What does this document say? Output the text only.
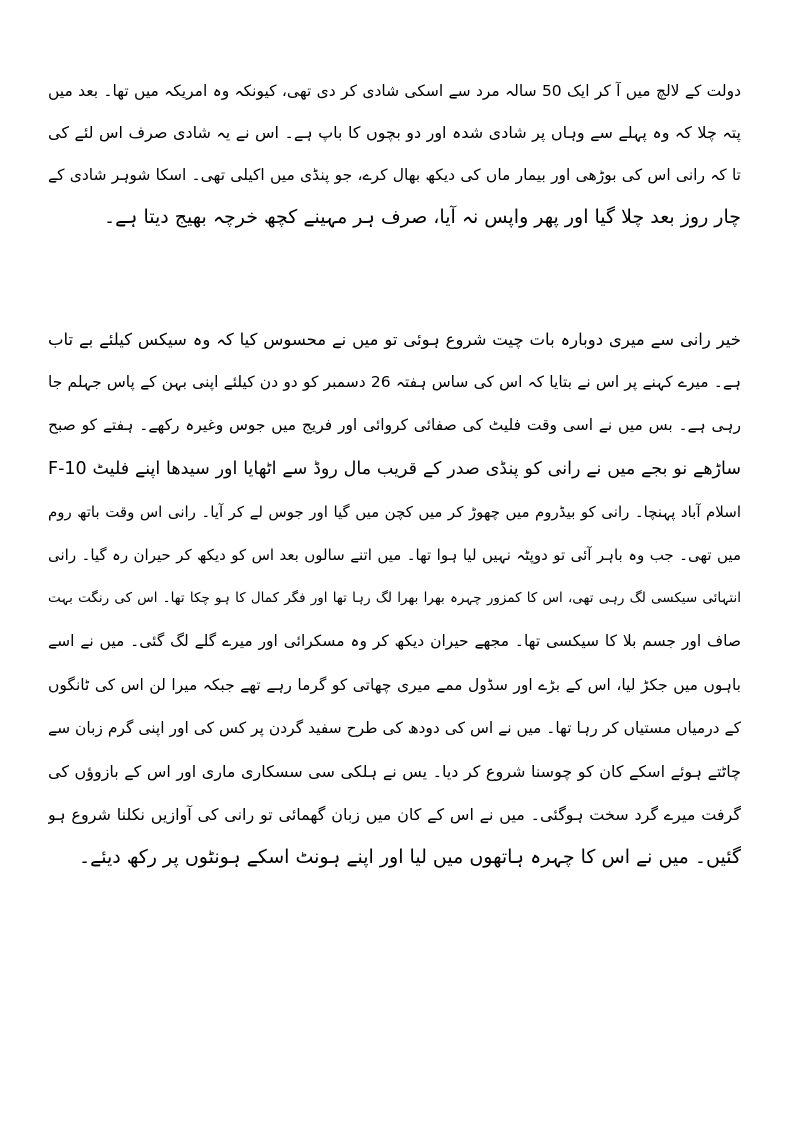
دولت کے لالچ میں آ کر ایک 50 سالہ مرد سے اسکی شادی کر دی تھی، کیونکہ وہ امریکہ میں تھا۔ بعد میں
پتہ چلا کہ وہ پہلے سے وہاں پر شادی شدہ اور دو بچوں کا باپ ہے۔ اس نے یہ شادی صرف اس لئے کی
تا کہ رانی اس کی بوڑھی اور بیمار ماں کی دیکھ بھال کرے، جو پنڈی میں اکیلی تھی۔ اسکا شوہر شادی کے
چار روز بعد چلا گیا اور پھر واپس نہ آیا، صرف ہر مہینے کچھ خرچہ بھیج دیتا ہے۔
خیر رانی سے میری دوبارہ بات چیت شروع ہوئی تو میں نے محسوس کیا کہ وہ سیکس کیلئے بے تاب
ہے۔ میرے کہنے پر اس نے بتایا کہ اس کی ساس ہفتہ 26 دسمبر کو دو دن کیلئے اپنی بہن کے پاس جہلم جا
رہی ہے۔ بس میں نے اسی وقت فلیٹ کی صفائی کروائی اور فریج میں جوس وغیرہ رکھے۔ ہفتے کو صبح
ساڑھے نو بجے میں نے رانی کو پنڈی صدر کے قریب مال روڈ سے اٹھایا اور سیدھا اپنے فلیٹ F-10
اسلام آباد پہنچا۔ رانی کو بیڈروم میں چھوڑ کر میں کچن میں گیا اور جوس لے کر آیا۔ رانی اس وقت باتھ روم
میں تھی۔ جب وہ باہر آئی تو دوپٹہ نہیں لیا ہوا تھا۔ میں اتنے سالوں بعد اس کو دیکھ کر حیران رہ گیا۔ رانی
انتہائی سیکسی لگ رہی تھی، اس کا کمزور چہرہ بھرا بھرا لگ رہا تھا اور فگر کمال کا ہو چکا تھا۔ اس کی رنگت بہت
صاف اور جسم بلا کا سیکسی تھا۔ مجھے حیران دیکھ کر وہ مسکرائی اور میرے گلے لگ گئی۔ میں نے اسے
باہوں میں جکڑ لیا، اس کے بڑے اور سڈول ممے میری چھاتی کو گرما رہے تھے جبکہ میرا لن اس کی ٹانگوں
کے درمیاں مستیاں کر رہا تھا۔ میں نے اس کی دودھ کی طرح سفید گردن پر کس کی اور اپنی گرم زبان سے
چاٹتے ہوئے اسکے کان کو چوسنا شروع کر دیا۔ یس نے ہلکی سی سسکاری ماری اور اس کے بازوؤں کی
گرفت میرے گرد سخت ہوگئی۔ میں نے اس کے کان میں زبان گھمائی تو رانی کی آوازیں نکلنا شروع ہو
گئیں۔ میں نے اس کا چہرہ ہاتھوں میں لیا اور اپنے ہونٹ اسکے ہونٹوں پر رکھ دیئے۔
